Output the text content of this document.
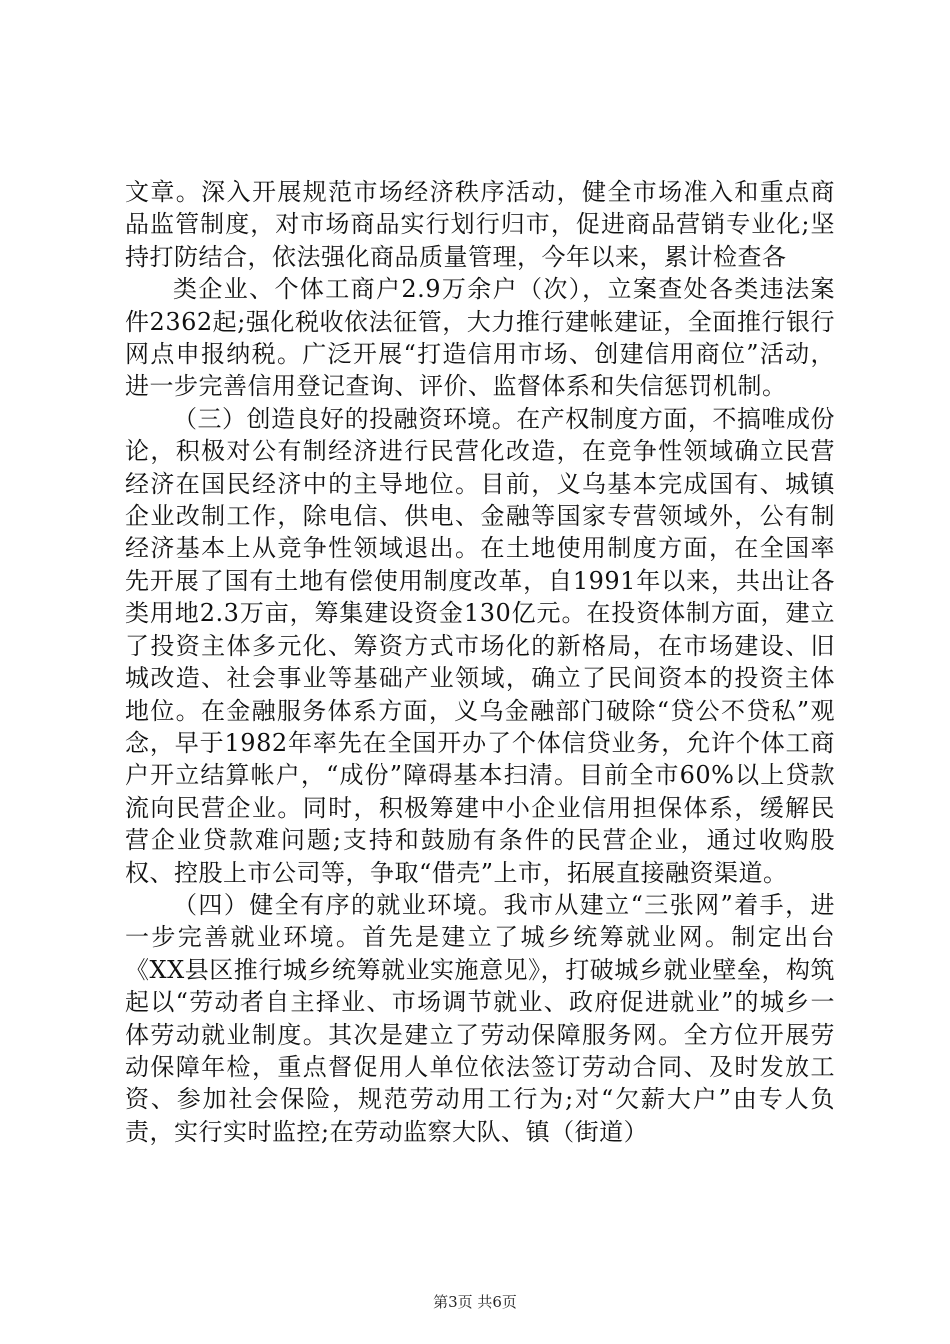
文章。深入开展规范市场经济秩序活动，健全市场准入和重点商品监管制度，对市场商品实行划行归市，促进商品营销专业化;坚持打防结合，依法强化商品质量管理，今年以来，累计检查各

类企业、个体工商户2.9万余户（次），立案查处各类违法案件2362起;强化税收依法征管，大力推行建帐建证，全面推行银行网点申报纳税。广泛开展“打造信用市场、创建信用商位”活动，进一步完善信用登记查询、评价、监督体系和失信惩罚机制。

（三）创造良好的投融资环境。在产权制度方面，不搞唯成份论，积极对公有制经济进行民营化改造，在竞争性领域确立民营经济在国民经济中的主导地位。目前，义乌基本完成国有、城镇企业改制工作，除电信、供电、金融等国家专营领域外，公有制经济基本上从竞争性领域退出。在土地使用制度方面，在全国率先开展了国有土地有偿使用制度改革，自1991年以来，共出让各类用地2.3万亩，筹集建设资金130亿元。在投资体制方面，建立了投资主体多元化、筹资方式市场化的新格局，在市场建设、旧城改造、社会事业等基础产业领域，确立了民间资本的投资主体地位。在金融服务体系方面，义乌金融部门破除“贷公不贷私”观念，早于1982年率先在全国开办了个体信贷业务，允许个体工商户开立结算帐户，“成份”障碍基本扫清。目前全市60%以上贷款流向民营企业。同时，积极筹建中小企业信用担保体系，缓解民营企业贷款难问题;支持和鼓励有条件的民营企业，通过收购股权、控股上市公司等，争取“借壳”上市，拓展直接融资渠道。

（四）健全有序的就业环境。我市从建立“三张网”着手，进一步完善就业环境。首先是建立了城乡统筹就业网。制定出台《XX县区推行城乡统筹就业实施意见》，打破城乡就业壁垒，构筑起以“劳动者自主择业、市场调节就业、政府促进就业”的城乡一体劳动就业制度。其次是建立了劳动保障服务网。全方位开展劳动保障年检，重点督促用人单位依法签订劳动合同、及时发放工资、参加社会保险，规范劳动用工行为;对“欠薪大户”由专人负责，实行实时监控;在劳动监察大队、镇（街道）

第3页 共6页
